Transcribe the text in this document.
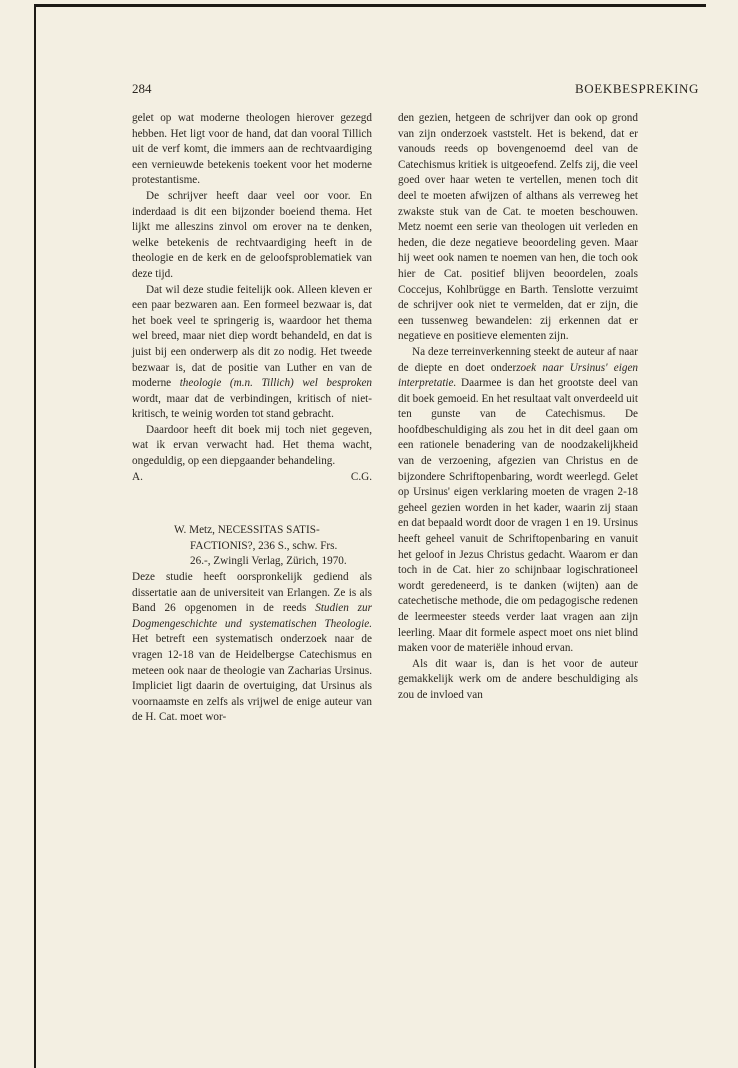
284	BOEKBESPREKING

gelet op wat moderne theologen hierover gezegd hebben. Het ligt voor de hand, dat dan vooral Tillich uit de verf komt, die immers aan de rechtvaardiging een vernieuwde betekenis toekent voor het moderne protestantisme.

De schrijver heeft daar veel oor voor. En inderdaad is dit een bijzonder boeiend thema. Het lijkt me alleszins zinvol om erover na te denken, welke betekenis de rechtvaardiging heeft in de theologie en de kerk en de geloofsproblematiek van deze tijd.

Dat wil deze studie feitelijk ook. Alleen kleven er een paar bezwaren aan. Een formeel bezwaar is, dat het boek veel te springerig is, waardoor het thema wel breed, maar niet diep wordt behandeld, en dat is juist bij een onderwerp als dit zo nodig. Het tweede bezwaar is, dat de positie van Luther en van de moderne theologie (m.n. Tillich) wel besproken wordt, maar dat de verbindingen, kritisch of niet-kritisch, te weinig worden tot stand gebracht.

Daardoor heeft dit boek mij toch niet gegeven, wat ik ervan verwacht had. Het thema wacht, ongeduldig, op een diepgaander behandeling.

A.	C.G.

W. Metz, NECESSITAS SATIS-
FACTIONIS?, 236 S., schw. Frs.
26.-, Zwingli Verlag, Zürich, 1970.

Deze studie heeft oorspronkelijk gediend als dissertatie aan de universiteit van Erlangen. Ze is als Band 26 opgenomen in de reeds Studien zur Dogmengeschichte und systematischen Theologie. Het betreft een systematisch onderzoek naar de vragen 12-18 van de Heidelbergse Catechismus en meteen ook naar de theologie van Zacharias Ursinus. Impliciet ligt daarin de overtuiging, dat Ursinus als voornaamste en zelfs als vrijwel de enige auteur van de H. Cat. moet wor-

den gezien, hetgeen de schrijver dan ook op grond van zijn onderzoek vaststelt. Het is bekend, dat er vanouds reeds op bovengenoemd deel van de Catechismus kritiek is uitgeoefend. Zelfs zij, die veel goed over haar weten te vertellen, menen toch dit deel te moeten afwijzen of althans als verreweg het zwakste stuk van de Cat. te moeten beschouwen. Metz noemt een serie van theologen uit verleden en heden, die deze negatieve beoordeling geven. Maar hij weet ook namen te noemen van hen, die toch ook hier de Cat. positief blijven beoordelen, zoals Coccejus, Kohlbrügge en Barth. Tenslotte verzuimt de schrijver ook niet te vermelden, dat er zijn, die een tussenweg bewandelen: zij erkennen dat er negatieve en positieve elementen zijn.

Na deze terreinverkenning steekt de auteur af naar de diepte en doet onderzoek naar Ursinus' eigen interpretatie. Daarmee is dan het grootste deel van dit boek gemoeid. En het resultaat valt onverdeeld uit ten gunste van de Catechismus. De hoofdbeschuldiging als zou het in dit deel gaan om een rationele benadering van de noodzakelijkheid van de verzoening, afgezien van Christus en de bijzondere Schriftopenbaring, wordt weerlegd. Gelet op Ursinus' eigen verklaring moeten de vragen 2-18 geheel gezien worden in het kader, waarin zij staan en dat bepaald wordt door de vragen 1 en 19. Ursinus heeft geheel vanuit de Schriftopenbaring en vanuit het geloof in Jezus Christus gedacht. Waarom er dan toch in de Cat. hier zo schijnbaar logischrationeel wordt geredeneerd, is te danken (wijten) aan de catechetische methode, die om pedagogische redenen de leermeester steeds verder laat vragen aan zijn leerling. Maar dit formele aspect moet ons niet blind maken voor de materiële inhoud ervan.

Als dit waar is, dan is het voor de auteur gemakkelijk werk om de andere beschuldiging als zou de invloed van
